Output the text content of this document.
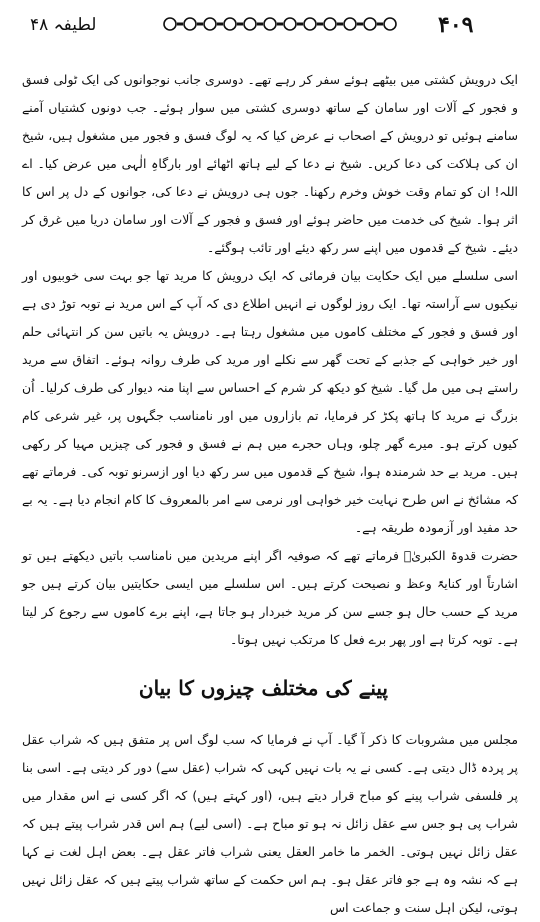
۴۰۹
لطیفہ ۴۸

ایک درویش کشتی میں بیٹھے ہوئے سفر کر رہے تھے۔ دوسری جانب نوجوانوں کی ایک ٹولی فسق و فجور کے آلات اور سامان کے ساتھ دوسری کشتی میں سوار ہوئے۔ جب دونوں کشتیاں آمنے سامنے ہوئیں تو درویش کے اصحاب نے عرض کیا کہ یہ لوگ فسق و فجور میں مشغول ہیں، شیخ ان کی ہلاکت کی دعا کریں۔ شیخ نے دعا کے لیے ہاتھ اٹھائے اور بارگاہِ الٰہی میں عرض کیا۔ اے اللہ! ان کو تمام وقت خوش وخرم رکھنا۔ جوں ہی درویش نے دعا کی، جوانوں کے دل پر اس کا اثر ہوا۔ شیخ کی خدمت میں حاضر ہوئے اور فسق و فجور کے آلات اور سامان دریا میں غرق کر دیئے۔ شیخ کے قدموں میں اپنے سر رکھ دیئے اور تائب ہوگئے۔

اسی سلسلے میں ایک حکایت بیان فرمائی کہ ایک درویش کا مرید تھا جو بہت سی خوبیوں اور نیکیوں سے آراستہ تھا۔ ایک روز لوگوں نے انہیں اطلاع دی کہ آپ کے اس مرید نے توبہ توڑ دی ہے اور فسق و فجور کے مختلف کاموں میں مشغول رہتا ہے۔ درویش یہ باتیں سن کر انتہائی حلم اور خیر خواہی کے جذبے کے تحت گھر سے نکلے اور مرید کی طرف روانہ ہوئے۔ اتفاق سے مرید راستے ہی میں مل گیا۔ شیخ کو دیکھ کر شرم کے احساس سے اپنا منہ دیوار کی طرف کرلیا۔ اُن بزرگ نے مرید کا ہاتھ پکڑ کر فرمایا، تم بازاروں میں اور نامناسب جگہوں پر، غیر شرعی کام کیوں کرتے ہو۔ میرے گھر چلو، وہاں حجرے میں ہم نے فسق و فجور کی چیزیں مہیا کر رکھی ہیں۔ مرید بے حد شرمندہ ہوا، شیخ کے قدموں میں سر رکھ دیا اور ازسرنو توبہ کی۔ فرماتے تھے کہ مشائخ نے اس طرح نہایت خیر خواہی اور نرمی سے امر بالمعروف کا کام انجام دیا ہے۔ یہ بے حد مفید اور آزمودہ طریقہ ہے۔

حضرت قدوۃ الکبریٰؒ فرماتے تھے کہ صوفیہ اگر اپنے مریدین میں نامناسب باتیں دیکھتے ہیں تو اشارتاً اور کنایۃً وعظ و نصیحت کرتے ہیں۔ اس سلسلے میں ایسی حکایتیں بیان کرتے ہیں جو مرید کے حسب حال ہو جسے سن کر مرید خبردار ہو جاتا ہے، اپنے برے کاموں سے رجوع کر لیتا ہے۔ توبہ کرتا ہے اور پھر برے فعل کا مرتکب نہیں ہوتا۔

پینے کی مختلف چیزوں کا بیان

مجلس میں مشروبات کا ذکر آ گیا۔ آپ نے فرمایا کہ سب لوگ اس پر متفق ہیں کہ شراب عقل پر پردہ ڈال دیتی ہے۔ کسی نے یہ بات نہیں کہی کہ شراب (عقل سے) دور کر دیتی ہے۔ اسی بنا پر فلسفی شراب پینے کو مباح قرار دیتے ہیں، (اور کہتے ہیں) کہ اگر کسی نے اس مقدار میں شراب پی ہو جس سے عقل زائل نہ ہو تو مباح ہے۔ (اسی لیے) ہم اس قدر شراب پیتے ہیں کہ عقل زائل نہیں ہوتی۔ الخمر ما خامر العقل یعنی شراب فاتر عقل ہے۔ بعض اہل لغت نے کہا ہے کہ نشہ وہ ہے جو فاتر عقل ہو۔ ہم اس حکمت کے ساتھ شراب پیتے ہیں کہ عقل زائل نہیں ہوتی، لیکن اہل سنت و جماعت اس
